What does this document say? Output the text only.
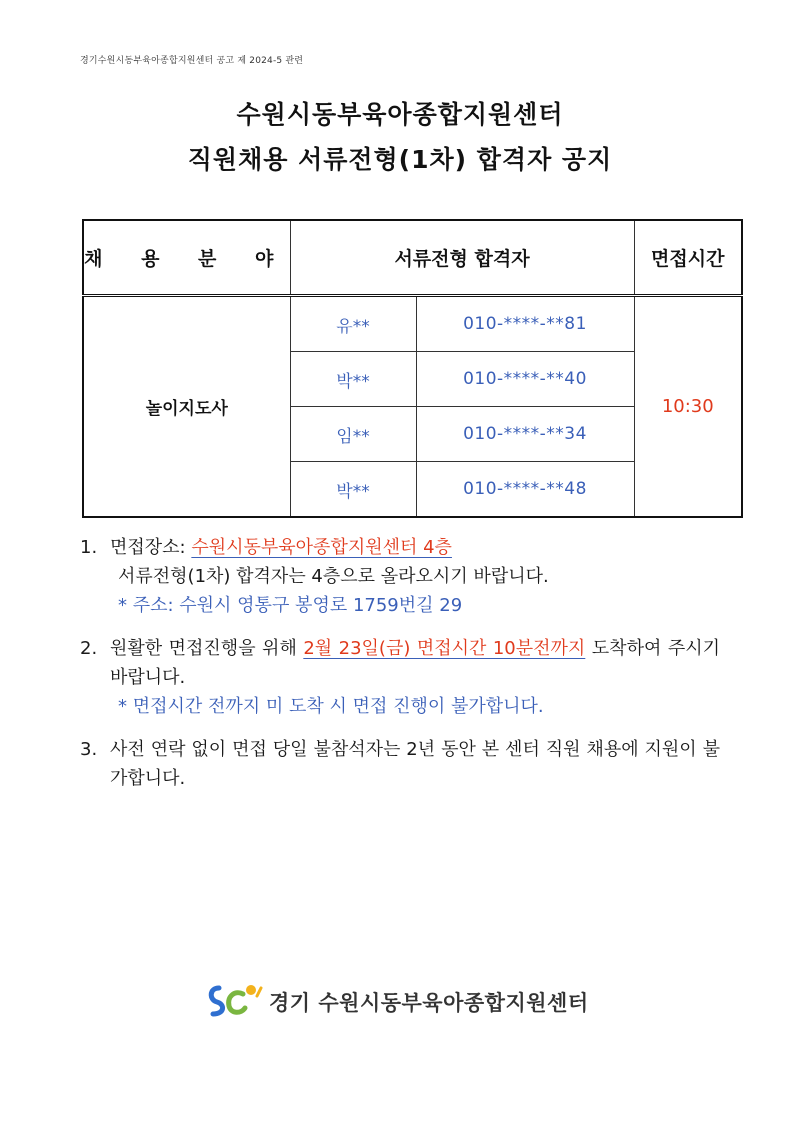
경기수원시동부육아종합지원센터 공고 제 2024-5 관련
수원시동부육아종합지원센터
직원채용 서류전형(1차) 합격자 공지
채 용 분 야	서류전형 합격자		면접시간
놀이지도사	유**	010-****-**81	10:30
	박**	010-****-**40	
	임**	010-****-**34	
	박**	010-****-**48	
1. 면접장소: 수원시동부육아종합지원센터 4층
서류전형(1차) 합격자는 4층으로 올라오시기 바랍니다.
* 주소: 수원시 영통구 봉영로 1759번길 29
2. 원활한 면접진행을 위해 2월 23일(금) 면접시간 10분전까지 도착하여 주시기 바랍니다.
* 면접시간 전까지 미 도착 시 면접 진행이 불가합니다.
3. 사전 연락 없이 면접 당일 불참석자는 2년 동안 본 센터 직원 채용에 지원이 불가합니다.
경기 수원시동부육아종합지원센터
